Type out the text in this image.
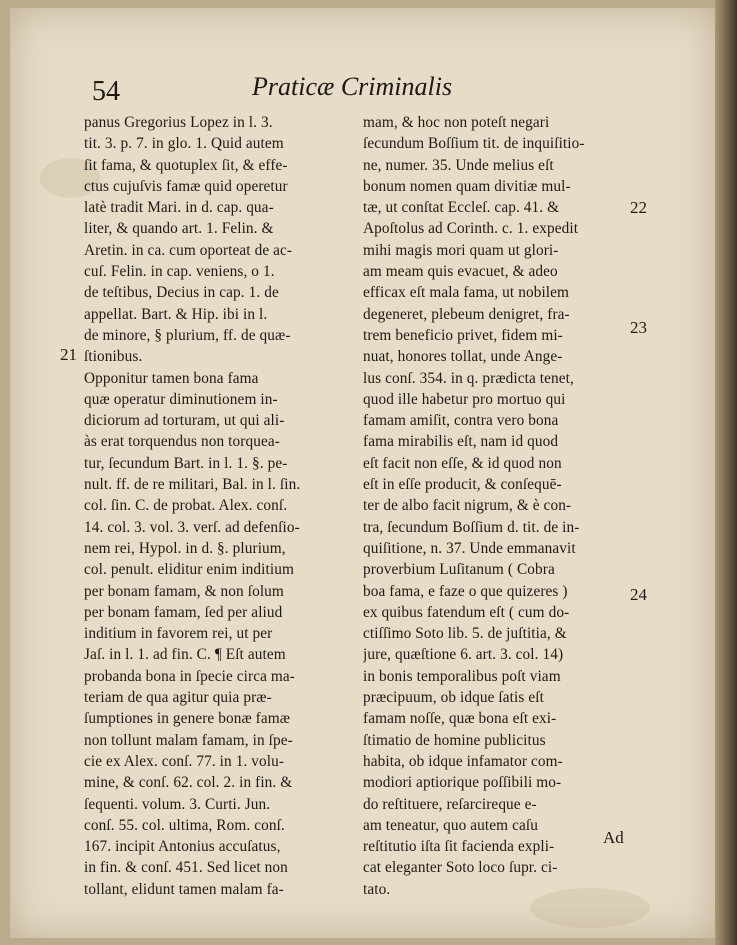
54	Praticæ Criminalis
21
22
23
24
panus Gregorius Lopez in l. 3.
tit. 3. p. 7. in glo. 1. Quid autem
ſit fama, & quotuplex ſit, & effe-
ctus cujuſvis famæ quid operetur
latè tradit Mari. in d. cap. qua-
liter, & quando art. 1. Felin. &
Aretin. in ca. cum oporteat de ac-
cuſ. Felin. in cap. veniens, o 1.
de teſtibus, Decius in cap. 1. de
appellat. Bart. & Hip. ibi in l.
de minore, § plurium, ff. de quæ-
ſtionibus.
Opponitur tamen bona fama
quæ operatur diminutionem in-
diciorum ad torturam, ut qui ali-
às erat torquendus non torquea-
tur, ſecundum Bart. in l. 1. §. pe-
nult. ff. de re militari, Bal. in l. ſin.
col. ſin. C. de probat. Alex. conſ.
14. col. 3. vol. 3. verſ. ad defenſio-
nem rei, Hypol. in d. §. plurium,
col. penult. eliditur enim inditium
per bonam famam, & non ſolum
per bonam famam, ſed per aliud
inditium in favorem rei, ut per
Jaſ. in l. 1. ad fin. C. ¶ Eſt autem
probanda bona in ſpecie circa ma-
teriam de qua agitur quia præ-
ſumptiones in genere bonæ famæ
non tollunt malam famam, in ſpe-
cie ex Alex. conſ. 77. in 1. volu-
mine, & conſ. 62. col. 2. in fin. &
ſequenti. volum. 3. Curti. Jun.
conſ. 55. col. ultima, Rom. conſ.
167. incipit Antonius accuſatus,
in fin. & conſ. 451. Sed licet non
tollant, elidunt tamen malam fa-
mam, & hoc non poteſt negari
ſecundum Boſſium tit. de inquiſitio-
ne, numer. 35. Unde melius eſt
bonum nomen quam divitiæ mul-
tæ, ut conſtat Eccleſ. cap. 41. &
Apoſtolus ad Corinth. c. 1. expedit
mihi magis mori quam ut glori-
am meam quis evacuet, & adeo
efficax eſt mala fama, ut nobilem
degeneret, plebeum denigret, fra-
trem beneficio privet, fidem mi-
nuat, honores tollat, unde Ange-
lus conſ. 354. in q. prædicta tenet,
quod ille habetur pro mortuo qui
famam amiſit, contra vero bona
fama mirabilis eſt, nam id quod
eſt facit non eſſe, & id quod non
eſt in eſſe producit, & conſequē-
ter de albo facit nigrum, & è con-
tra, ſecundum Boſſium d. tit. de in-
quiſitione, n. 37. Unde emmanavit
proverbium Luſitanum ( Cobra
boa fama, e faze o que quizeres )
ex quibus fatendum eſt ( cum do-
ctiſſimo Soto lib. 5. de juſtitia, &
jure, quæſtione 6. art. 3. col. 14)
in bonis temporalibus poſt viam
præcipuum, ob idque ſatis eſt
famam noſſe, quæ bona eſt exi-
ſtimatio de homine publicitus
habita, ob idque infamator com-
modiori aptiorique poſſibili mo-
do reſtituere, reſarcireque e-
am teneatur, quo autem caſu
reſtitutio iſta ſit facienda expli-
cat eleganter Soto loco ſupr. ci-
tato.
Ad
